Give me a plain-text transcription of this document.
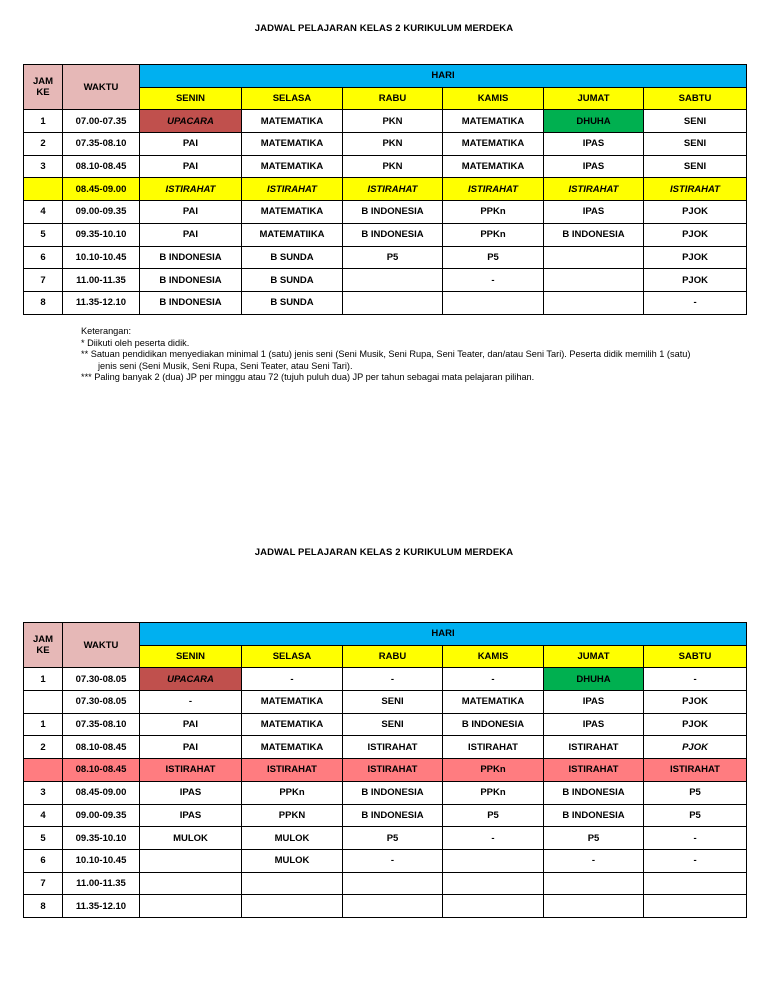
JADWAL PELAJARAN KELAS 2 KURIKULUM MERDEKA
JAM
KE	WAKTU	HARI					
		SENIN	SELASA	RABU	KAMIS	JUMAT	SABTU
1	07.00-07.35	UPACARA	MATEMATIKA	PKN	MATEMATIKA	DHUHA	SENI
2	07.35-08.10	PAI	MATEMATIKA	PKN	MATEMATIKA	IPAS	SENI
3	08.10-08.45	PAI	MATEMATIKA	PKN	MATEMATIKA	IPAS	SENI
	08.45-09.00	ISTIRAHAT	ISTIRAHAT	ISTIRAHAT	ISTIRAHAT	ISTIRAHAT	ISTIRAHAT
4	09.00-09.35	PAI	MATEMATIKA	B INDONESIA	PPKn	IPAS	PJOK
5	09.35-10.10	PAI	MATEMATIIKA	B INDONESIA	PPKn	B INDONESIA	PJOK
6	10.10-10.45	B INDONESIA	B SUNDA	P5	P5		PJOK
7	11.00-11.35	B INDONESIA	B SUNDA		-		PJOK
8	11.35-12.10	B INDONESIA	B SUNDA				-
Keterangan:
* Diikuti oleh peserta didik.
** Satuan pendidikan menyediakan minimal 1 (satu) jenis seni (Seni Musik, Seni Rupa, Seni Teater, dan/atau Seni Tari). Peserta didik memilih 1 (satu)
jenis seni (Seni Musik, Seni Rupa, Seni Teater, atau Seni Tari).
*** Paling banyak 2 (dua) JP per minggu atau 72 (tujuh puluh dua) JP per tahun sebagai mata pelajaran pilihan.
JADWAL PELAJARAN KELAS 2 KURIKULUM MERDEKA
JAM
KE	WAKTU	HARI					
		SENIN	SELASA	RABU	KAMIS	JUMAT	SABTU
1	07.30-08.05	UPACARA	-	-	-	DHUHA	-
	07.30-08.05	-	MATEMATIKA	SENI	MATEMATIKA	IPAS	PJOK
1	07.35-08.10	PAI	MATEMATIKA	SENI	B INDONESIA	IPAS	PJOK
2	08.10-08.45	PAI	MATEMATIKA	ISTIRAHAT	ISTIRAHAT	ISTIRAHAT	PJOK
	08.10-08.45	ISTIRAHAT	ISTIRAHAT	ISTIRAHAT	PPKn	ISTIRAHAT	ISTIRAHAT
3	08.45-09.00	IPAS	PPKn	B INDONESIA	PPKn	B INDONESIA	P5
4	09.00-09.35	IPAS	PPKN	B INDONESIA	P5	B INDONESIA	P5
5	09.35-10.10	MULOK	MULOK	P5	-	P5	-
6	10.10-10.45		MULOK	-		-	-
7	11.00-11.35						
8	11.35-12.10						
